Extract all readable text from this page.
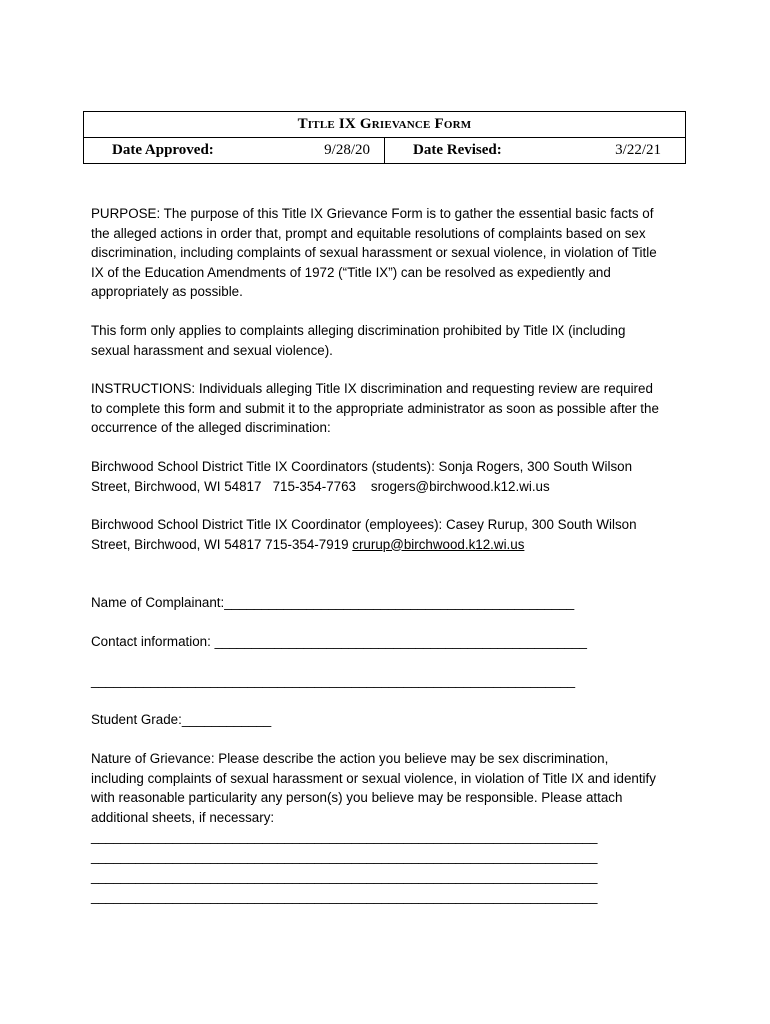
Title IX Grievance Form

Date Approved:	9/28/20	Date Revised:	3/22/21

PURPOSE: The purpose of this Title IX Grievance Form is to gather the essential basic facts of
the alleged actions in order that, prompt and equitable resolutions of complaints based on sex
discrimination, including complaints of sexual harassment or sexual violence, in violation of Title
IX of the Education Amendments of 1972 (“Title IX”) can be resolved as expediently and
appropriately as possible.

This form only applies to complaints alleging discrimination prohibited by Title IX (including
sexual harassment and sexual violence).

INSTRUCTIONS: Individuals alleging Title IX discrimination and requesting review are required
to complete this form and submit it to the appropriate administrator as soon as possible after the
occurrence of the alleged discrimination:

Birchwood School District Title IX Coordinators (students): Sonja Rogers, 300 South Wilson
Street, Birchwood, WI 54817   715-354-7763    srogers@birchwood.k12.wi.us

Birchwood School District Title IX Coordinator (employees): Casey Rurup, 300 South Wilson
Street, Birchwood, WI 54817 715-354-7919 crurup@birchwood.k12.wi.us

Name of Complainant:_______________________________________________

Contact information: __________________________________________________

_________________________________________________________________

Student Grade:____________

Nature of Grievance: Please describe the action you believe may be sex discrimination,
including complaints of sexual harassment or sexual violence, in violation of Title IX and identify
with reasonable particularity any person(s) you believe may be responsible. Please attach
additional sheets, if necessary:

____________________________________________________________________

____________________________________________________________________

____________________________________________________________________

____________________________________________________________________
